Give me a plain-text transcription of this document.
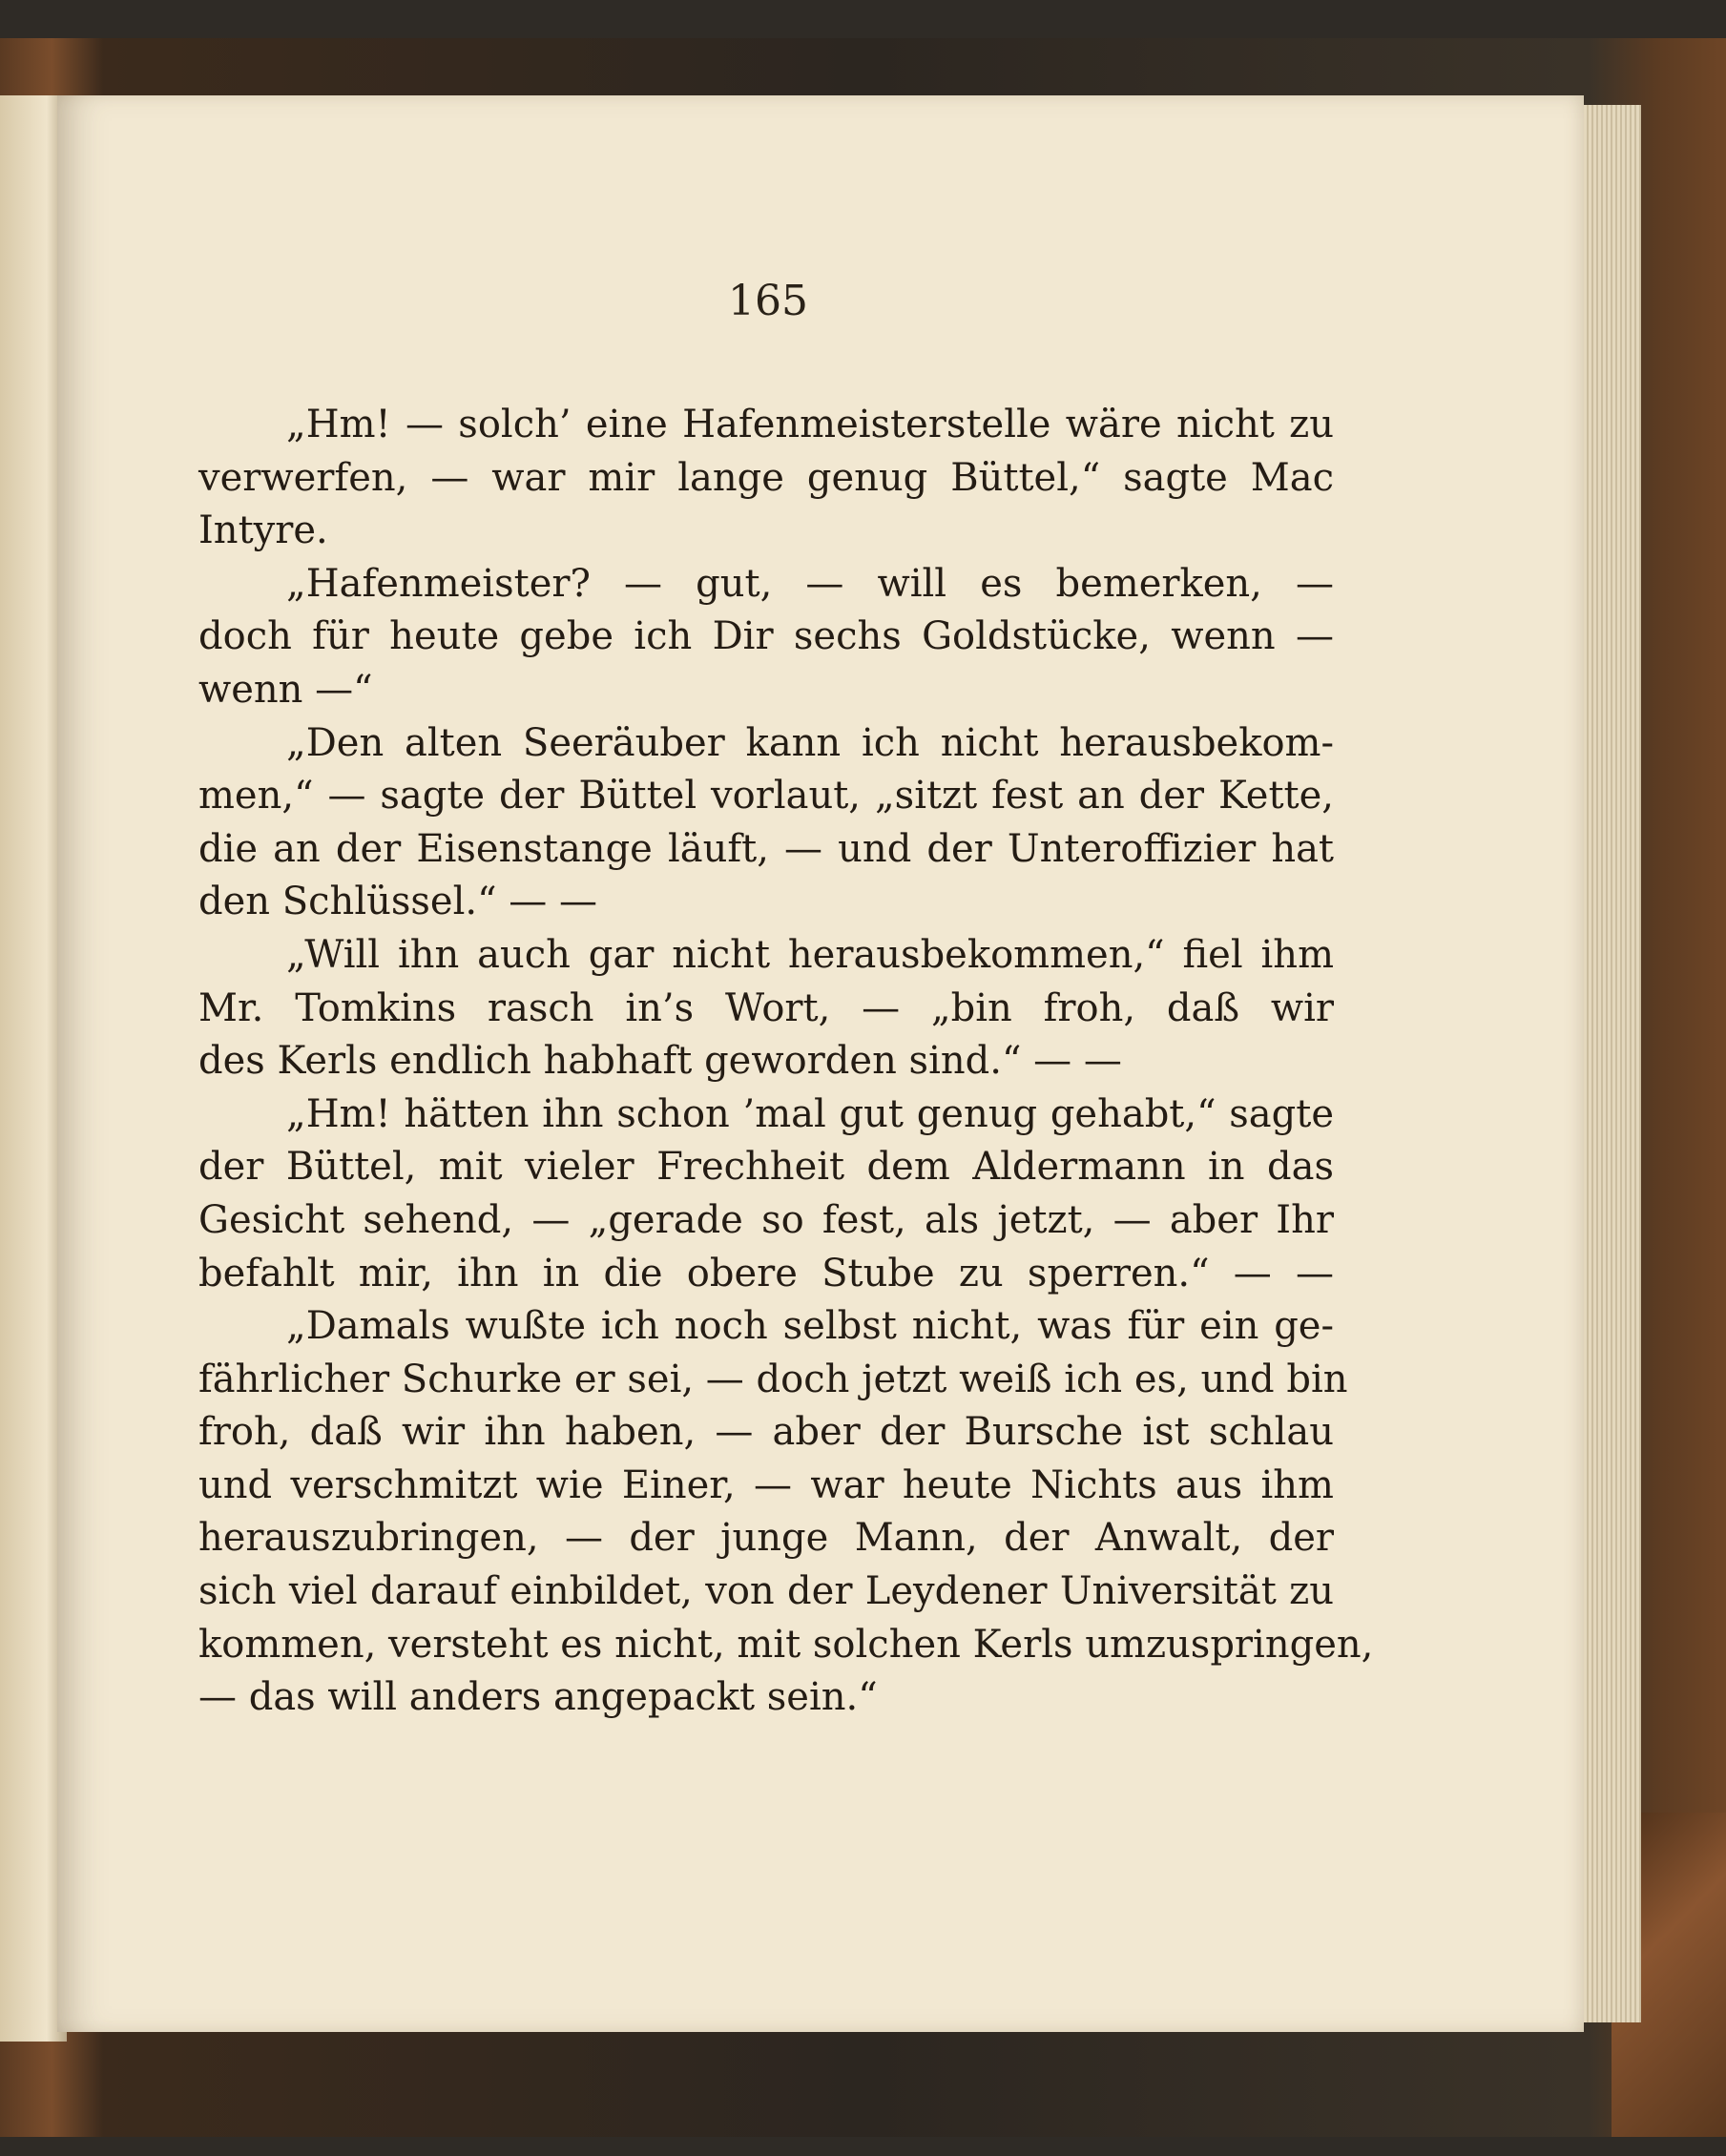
165
„Hm! — solch’ eine Hafenmeisterstelle wäre nicht zu
verwerfen, — war mir lange genug Büttel,“ sagte Mac
Intyre.
„Hafenmeister? — gut, — will es bemerken, —
doch für heute gebe ich Dir sechs Goldstücke, wenn —
wenn —“
„Den alten Seeräuber kann ich nicht herausbekom-
men,“ — sagte der Büttel vorlaut, „sitzt fest an der Kette,
die an der Eisenstange läuft, — und der Unteroffizier hat
den Schlüssel.“ — —
„Will ihn auch gar nicht herausbekommen,“ fiel ihm
Mr. Tomkins rasch in’s Wort, — „bin froh, daß wir
des Kerls endlich habhaft geworden sind.“ — —
„Hm! hätten ihn schon ’mal gut genug gehabt,“ sagte
der Büttel, mit vieler Frechheit dem Aldermann in das
Gesicht sehend, — „gerade so fest, als jetzt, — aber Ihr
befahlt mir, ihn in die obere Stube zu sperren.“ — —
„Damals wußte ich noch selbst nicht, was für ein ge-
fährlicher Schurke er sei, — doch jetzt weiß ich es, und bin
froh, daß wir ihn haben, — aber der Bursche ist schlau
und verschmitzt wie Einer, — war heute Nichts aus ihm
herauszubringen, — der junge Mann, der Anwalt, der
sich viel darauf einbildet, von der Leydener Universität zu
kommen, versteht es nicht, mit solchen Kerls umzuspringen,
— das will anders angepackt sein.“
